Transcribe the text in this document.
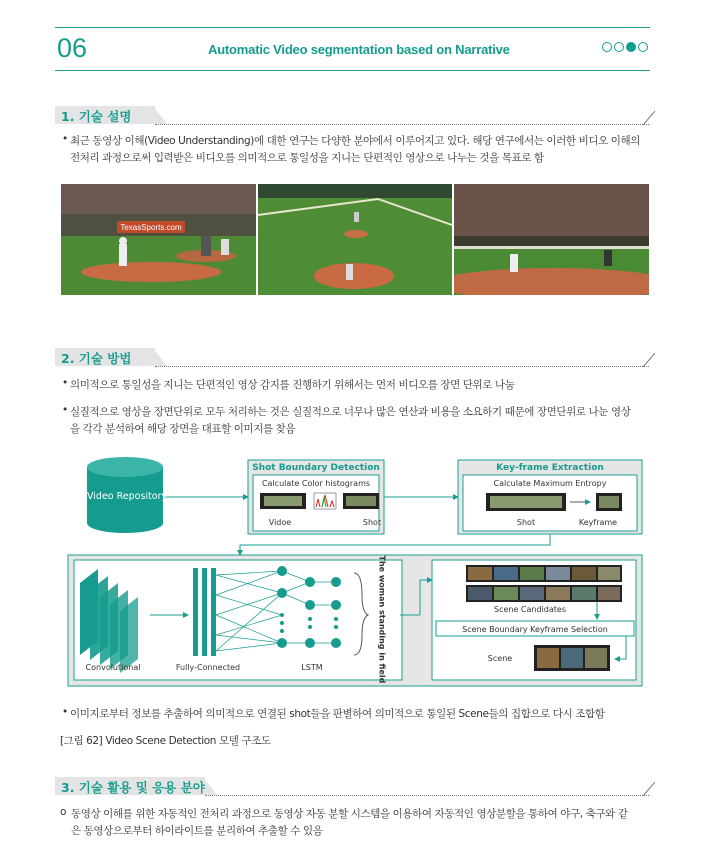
06	Automatic Video segmentation based on Narrative
1. 기술 설명
• 최근 동영상 이해(Video Understanding)에 대한 연구는 다양한 분야에서 이루어지고 있다. 해당 연구에서는 이러한 비디오 이해의
전처리 과정으로써 입력받은 비디오를 의미적으로 통일성을 지니는 단편적인 영상으로 나누는 것을 목표로 함
TexasSports.com
2. 기술 방법
• 의미적으로 통일성을 지니는 단편적인 영상 감지를 진행하기 위해서는 먼저 비디오를 장면 단위로 나눔
• 실질적으로 영상을 장면단위로 모두 처리하는 것은 실질적으로 너무나 많은 연산과 비용을 소요하기 때문에 장면단위로 나눈 영상
을 각각 분석하여 해당 장면을 대표할 이미지를 찾음
Video Repository
Shot Boundary Detection
Calculate Color histograms
Vidoe	Shot
Key-frame Extraction
Calculate Maximum Entropy
Shot	Keyframe
Convolutional	Fully-Connected	LSTM	The woman standing in field	Scene Candidates
Scene Boundary Keyframe Selection
Scene
• 이미지로부터 정보를 추출하여 의미적으로 연결된 shot들을 판별하여 의미적으로 통일된 Scene들의 집합으로 다시 조합함
[그림 62] Video Scene Detection 모델 구조도
3. 기술 활용 및 응용 분야
o 동영상 이해를 위한 자동적인 전처리 과정으로 동영상 자동 분할 시스템을 이용하여 자동적인 영상분할을 통하여 야구, 축구와 같
은 동영상으로부터 하이라이트를 분리하여 추출할 수 있음
